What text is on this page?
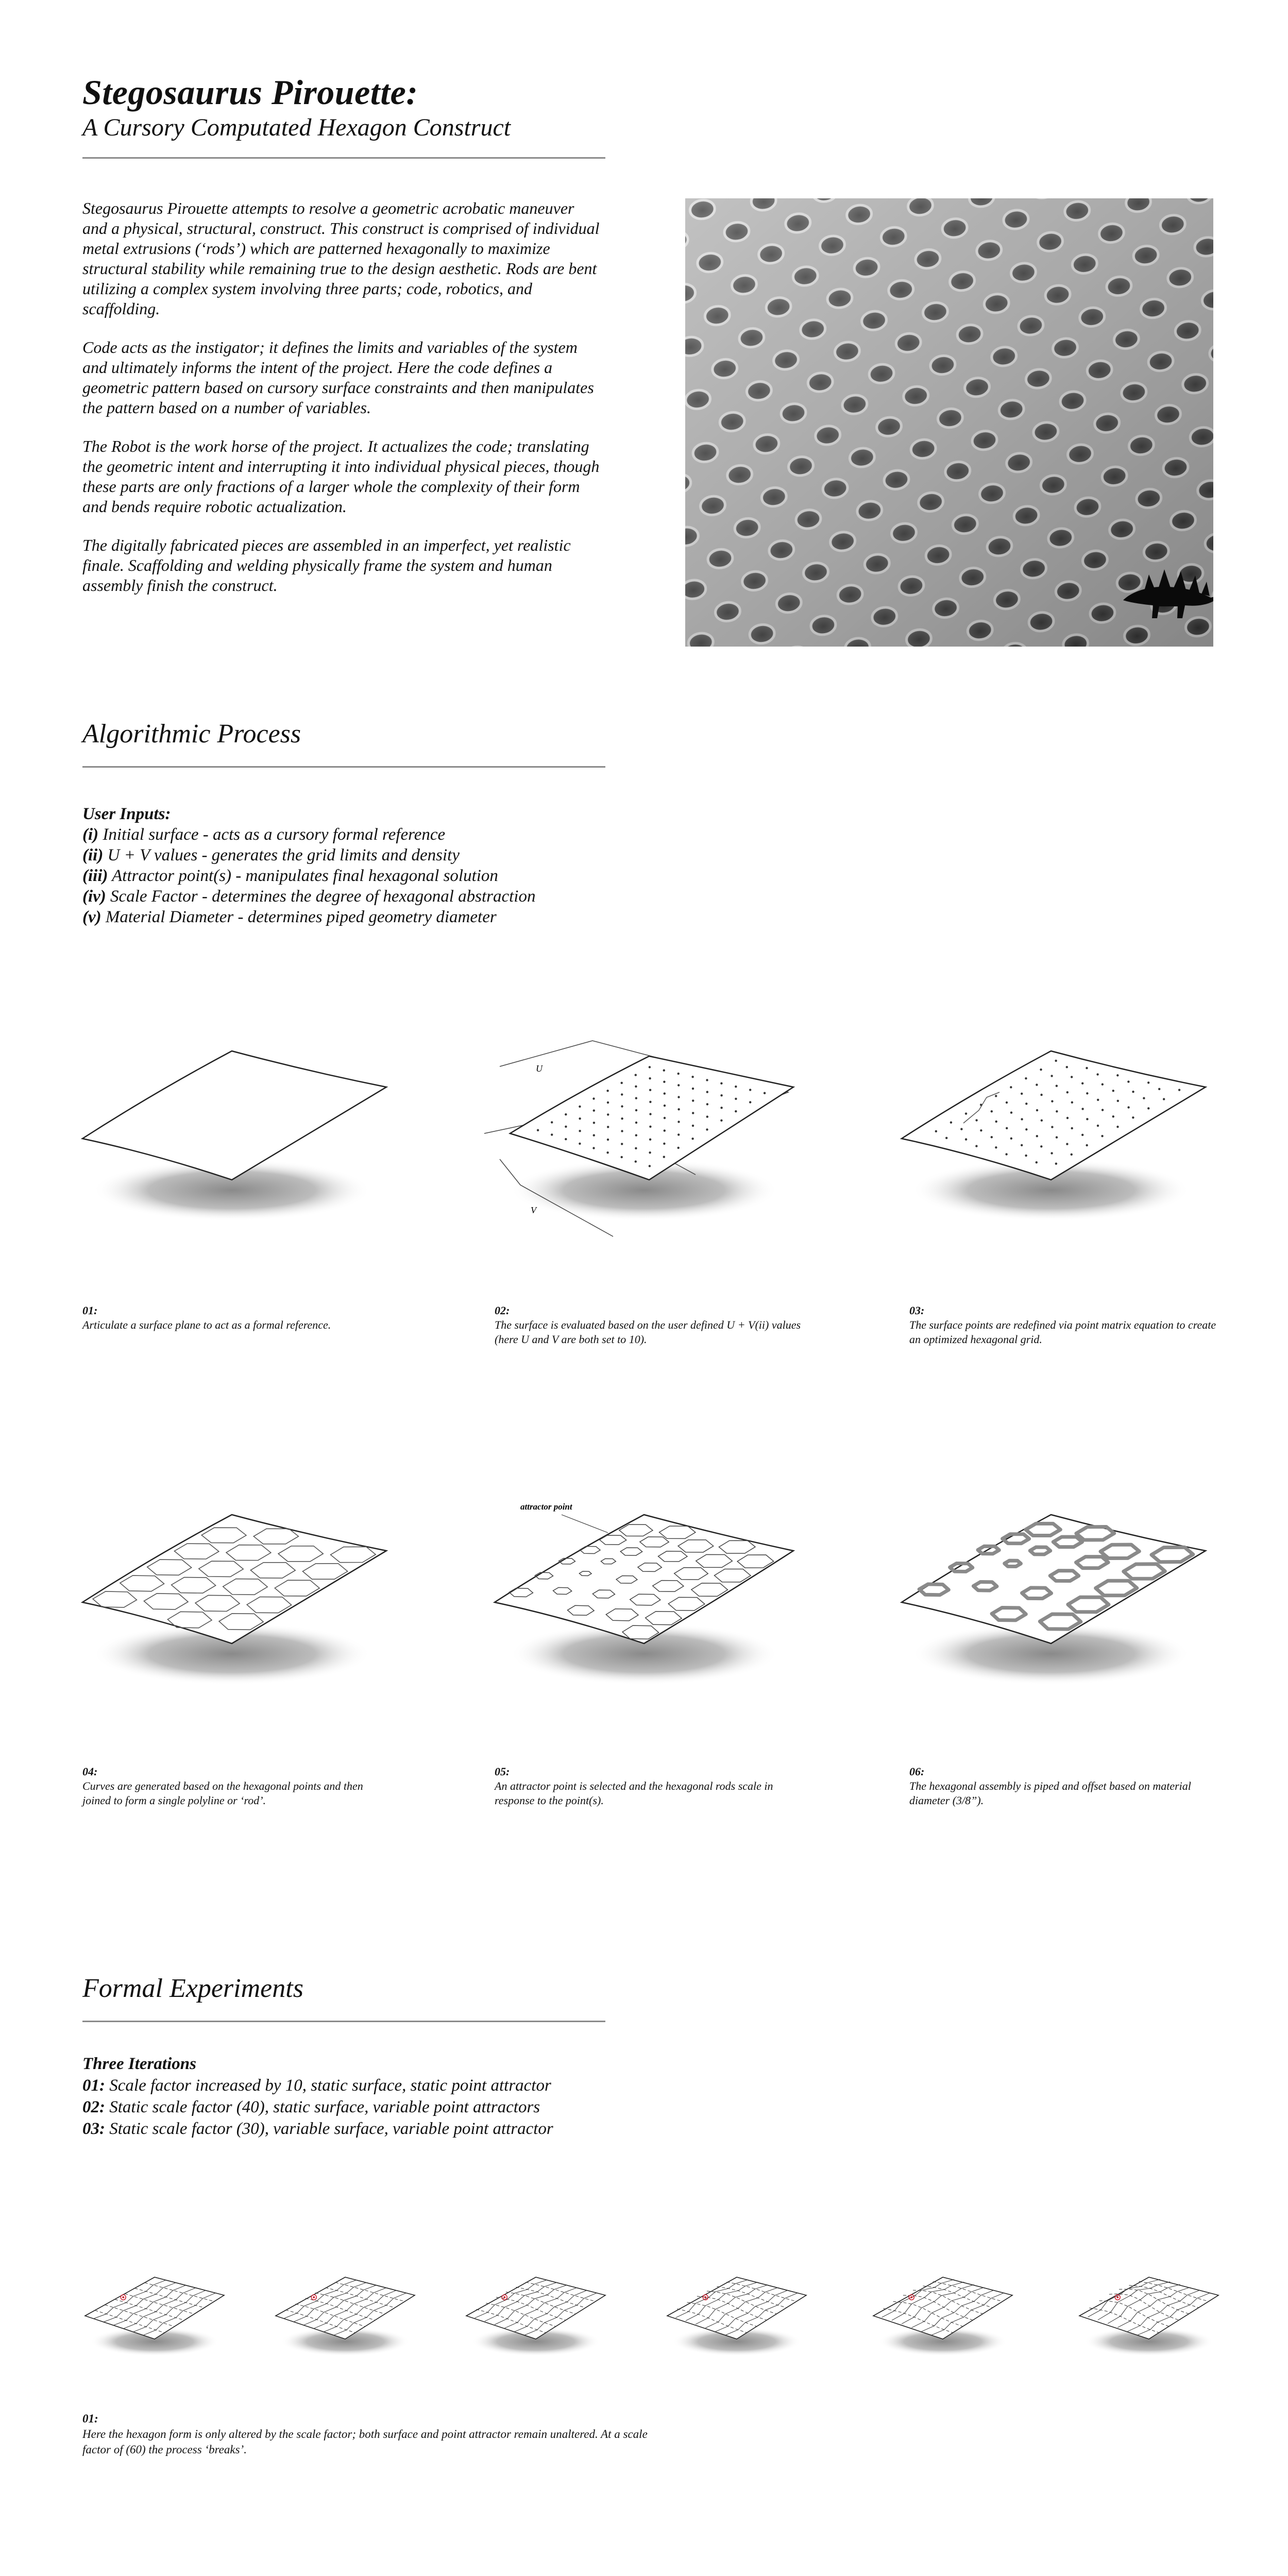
Stegosaurus Pirouette:
A Cursory Computated Hexagon Construct

Stegosaurus Pirouette attempts to resolve a geometric acrobatic maneuver and a physical, structural, construct. This construct is comprised of individual metal extrusions (‘rods’) which are patterned hexagonally to maximize structural stability while remaining true to the design aesthetic. Rods are bent utilizing a complex system involving three parts; code, robotics, and scaffolding.

Code acts as the instigator; it defines the limits and variables of the system and ultimately informs the intent of the project. Here the code defines a geometric pattern based on cursory surface constraints and then manipulates the pattern based on a number of variables.

The Robot is the work horse of the project. It actualizes the code; translating the geometric intent and interrupting it into individual physical pieces, though these parts are only fractions of a larger whole the complexity of their form and bends require robotic actualization.

The digitally fabricated pieces are assembled in an imperfect, yet realistic finale. Scaffolding and welding physically frame the system and human assembly finish the construct.

Algorithmic Process
User Inputs:
(i) Initial surface - acts as a cursory formal reference
(ii) U + V values - generates the grid limits and density
(iii) Attractor point(s) - manipulates final hexagonal solution
(iv) Scale Factor - determines the degree of hexagonal abstraction
(v) Material Diameter - determines piped geometry diameter
U
V
01:
Articulate a surface plane to act as a formal reference.
02:
The surface is evaluated based on the user defined U + V(ii) values (here U and V are both set to 10).
03:
The surface points are redefined via point matrix equation to create an optimized hexagonal grid.
attractor point
04:
Curves are generated based on the hexagonal points and then joined to form a single polyline or ‘rod’.
05:
An attractor point is selected and the hexagonal rods scale in response to the point(s).
06:
The hexagonal assembly is piped and offset based on material diameter (3/8”).
Formal Experiments
Three Iterations
01: Scale factor increased by 10, static surface, static point attractor
02: Static scale factor (40), static surface, variable point attractors
03: Static scale factor (30), variable surface, variable point attractor
01:
Here the hexagon form is only altered by the scale factor; both surface and point attractor remain unaltered. At a scale factor of (60) the process ‘breaks’.
